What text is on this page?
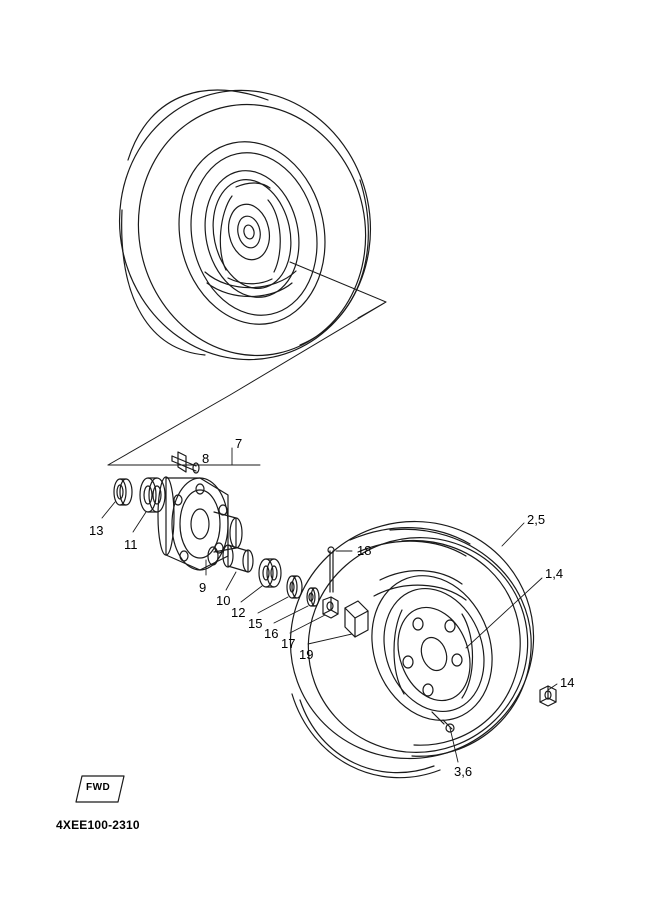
FWD
7
8
13
11
9
10
12
15
16
17
19
18
2,5
1,4
14
3,6
4XEE100-2310
